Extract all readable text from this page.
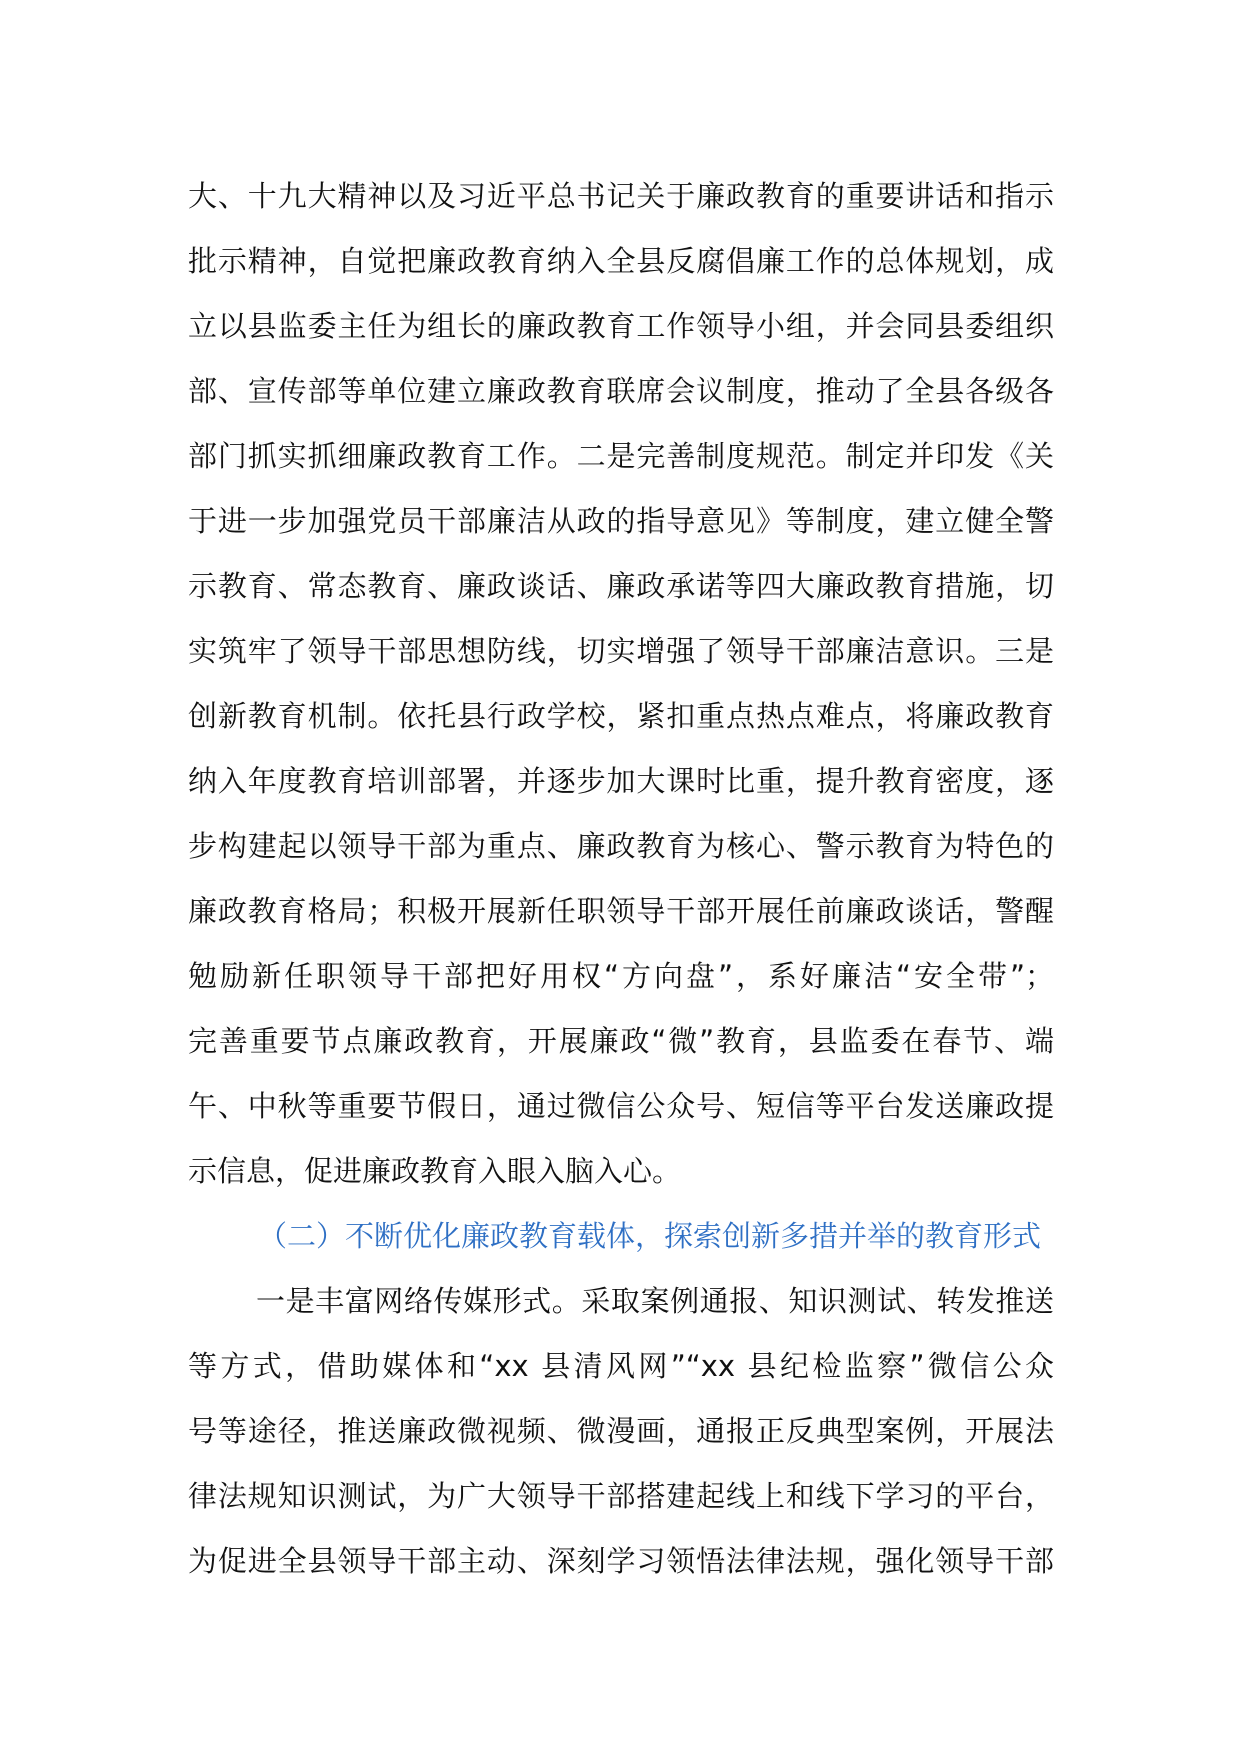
大、十九大精神以及习近平总书记关于廉政教育的重要讲话和指示
批示精神，自觉把廉政教育纳入全县反腐倡廉工作的总体规划，成
立以县监委主任为组长的廉政教育工作领导小组，并会同县委组织
部、宣传部等单位建立廉政教育联席会议制度，推动了全县各级各
部门抓实抓细廉政教育工作。二是完善制度规范。制定并印发《关
于进一步加强党员干部廉洁从政的指导意见》等制度，建立健全警
示教育、常态教育、廉政谈话、廉政承诺等四大廉政教育措施，切
实筑牢了领导干部思想防线，切实增强了领导干部廉洁意识。三是
创新教育机制。依托县行政学校，紧扣重点热点难点，将廉政教育
纳入年度教育培训部署，并逐步加大课时比重，提升教育密度，逐
步构建起以领导干部为重点、廉政教育为核心、警示教育为特色的
廉政教育格局；积极开展新任职领导干部开展任前廉政谈话，警醒
勉励新任职领导干部把好用权“方向盘”，系好廉洁“安全带”；
完善重要节点廉政教育，开展廉政“微”教育，县监委在春节、端
午、中秋等重要节假日，通过微信公众号、短信等平台发送廉政提
示信息，促进廉政教育入眼入脑入心。
（二）不断优化廉政教育载体，探索创新多措并举的教育形式
一是丰富网络传媒形式。采取案例通报、知识测试、转发推送
等方式，借助媒体和“xx 县清风网”“xx 县纪检监察”微信公众
号等途径，推送廉政微视频、微漫画，通报正反典型案例，开展法
律法规知识测试，为广大领导干部搭建起线上和线下学习的平台，
为促进全县领导干部主动、深刻学习领悟法律法规，强化领导干部
